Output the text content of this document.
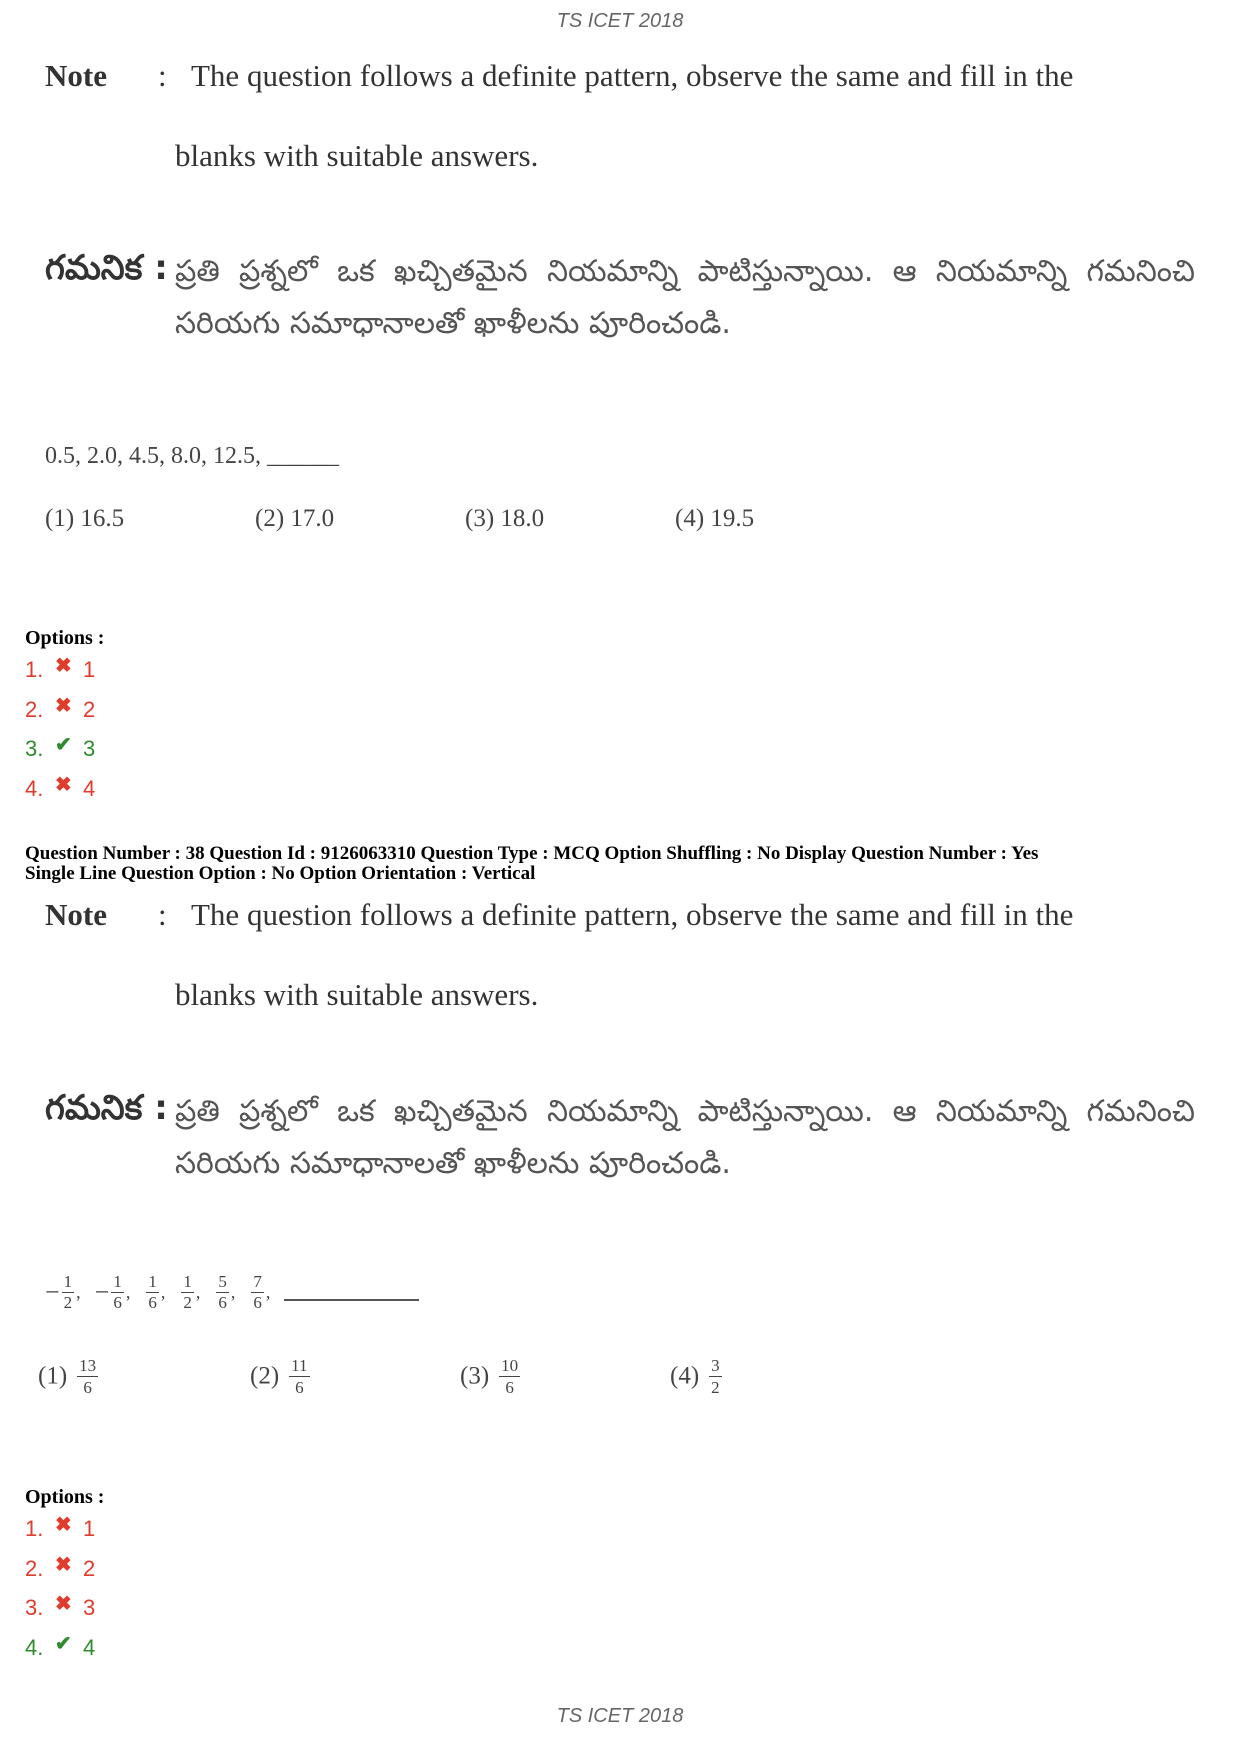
TS ICET 2018
Note : The question follows a definite pattern, observe the same and fill in the
blanks with suitable answers.
గమనిక : ప్రతి ప్రశ్నలో ఒక ఖచ్చితమైన నియమాన్ని పాటిస్తున్నాయి. ఆ నియమాన్ని గమనించి సరియగు సమాధానాలతో ఖాళీలను పూరించండి.
0.5, 2.0, 4.5, 8.0, 12.5, ______
(1) 16.5	(2) 17.0	(3) 18.0	(4) 19.5
Options :
1. ✖ 1
2. ✖ 2
3. ✔ 3
4. ✖ 4
Question Number : 38 Question Id : 9126063310 Question Type : MCQ Option Shuffling : No Display Question Number : Yes
Single Line Question Option : No Option Orientation : Vertical
Note : The question follows a definite pattern, observe the same and fill in the
blanks with suitable answers.
గమనిక : ప్రతి ప్రశ్నలో ఒక ఖచ్చితమైన నియమాన్ని పాటిస్తున్నాయి. ఆ నియమాన్ని గమనించి సరియగు సమాధానాలతో ఖాళీలను పూరించండి.
− $\frac{1}{2}$ , − $\frac{1}{6}$ , $\frac{1}{6}$ , $\frac{1}{2}$ , $\frac{5}{6}$ , $\frac{7}{6}$ ,
$(1) \frac{13}{6}$	$(2) \frac{11}{6}$	$(3) \frac{10}{6}$	$(4) \frac{3}{2}$
Options :
1. ✖ 1
2. ✖ 2
3. ✖ 3
4. ✔ 4
TS ICET 2018
